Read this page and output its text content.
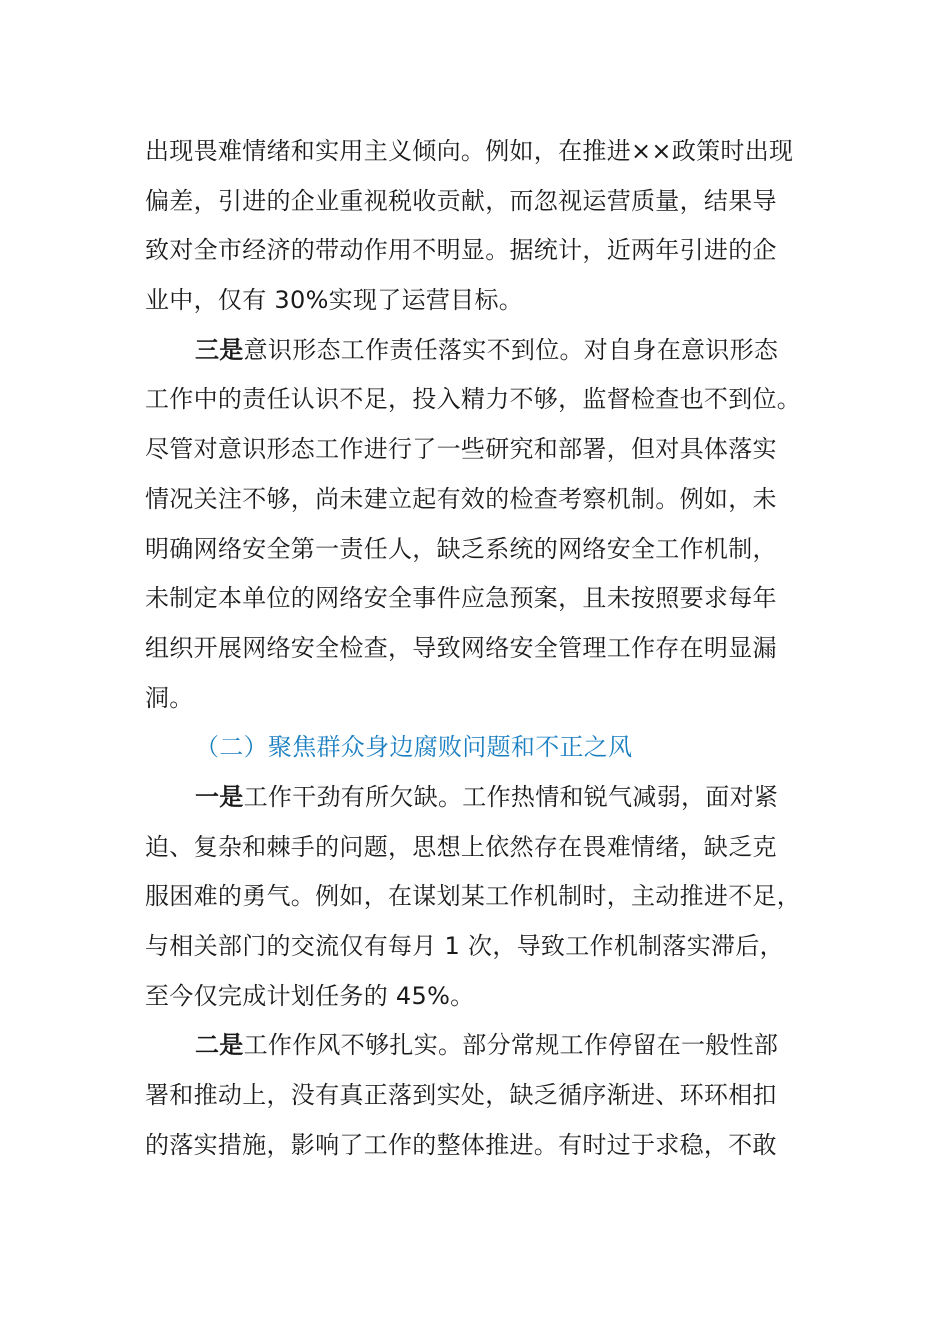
出现畏难情绪和实用主义倾向。例如，在推进××政策时出现
偏差，引进的企业重视税收贡献，而忽视运营质量，结果导
致对全市经济的带动作用不明显。据统计，近两年引进的企
业中，仅有 30%实现了运营目标。
三是意识形态工作责任落实不到位。对自身在意识形态
工作中的责任认识不足，投入精力不够，监督检查也不到位。
尽管对意识形态工作进行了一些研究和部署，但对具体落实
情况关注不够，尚未建立起有效的检查考察机制。例如，未
明确网络安全第一责任人，缺乏系统的网络安全工作机制，
未制定本单位的网络安全事件应急预案，且未按照要求每年
组织开展网络安全检查，导致网络安全管理工作存在明显漏
洞。
（二）聚焦群众身边腐败问题和不正之风
一是工作干劲有所欠缺。工作热情和锐气减弱，面对紧
迫、复杂和棘手的问题，思想上依然存在畏难情绪，缺乏克
服困难的勇气。例如，在谋划某工作机制时，主动推进不足，
与相关部门的交流仅有每月 1 次，导致工作机制落实滞后，
至今仅完成计划任务的 45%。
二是工作作风不够扎实。部分常规工作停留在一般性部
署和推动上，没有真正落到实处，缺乏循序渐进、环环相扣
的落实措施，影响了工作的整体推进。有时过于求稳，不敢
